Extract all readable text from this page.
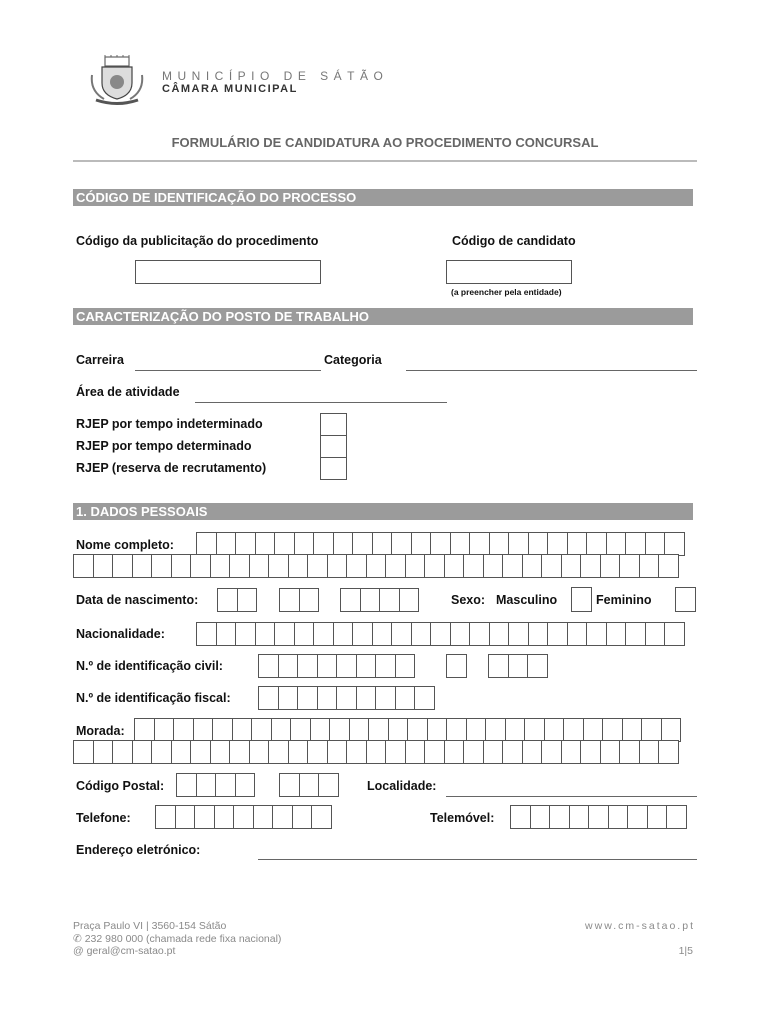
MUNICÍPIO DE SÁTÃO
CÂMARA MUNICIPAL
FORMULÁRIO DE CANDIDATURA AO PROCEDIMENTO CONCURSAL
CÓDIGO DE IDENTIFICAÇÃO DO PROCESSO
Código da publicitação do procedimento	Código de candidato
(a preencher pela entidade)
CARACTERIZAÇÃO DO POSTO DE TRABALHO
Carreira	Categoria
Área de atividade
RJEP por tempo indeterminado
RJEP por tempo determinado
RJEP (reserva de recrutamento)
1. DADOS PESSOAIS
Nome completo:
Data de nascimento:	Sexo: Masculino	Feminino
Nacionalidade:
N.º de identificação civil:
N.º de identificação fiscal:
Morada:
Código Postal:	Localidade:
Telefone:	Telemóvel:
Endereço eletrónico:
Praça Paulo VI | 3560-154 Sátão
✆ 232 980 000 (chamada rede fixa nacional)
@ geral@cm-satao.pt
www.cm-satao.pt
1|5
